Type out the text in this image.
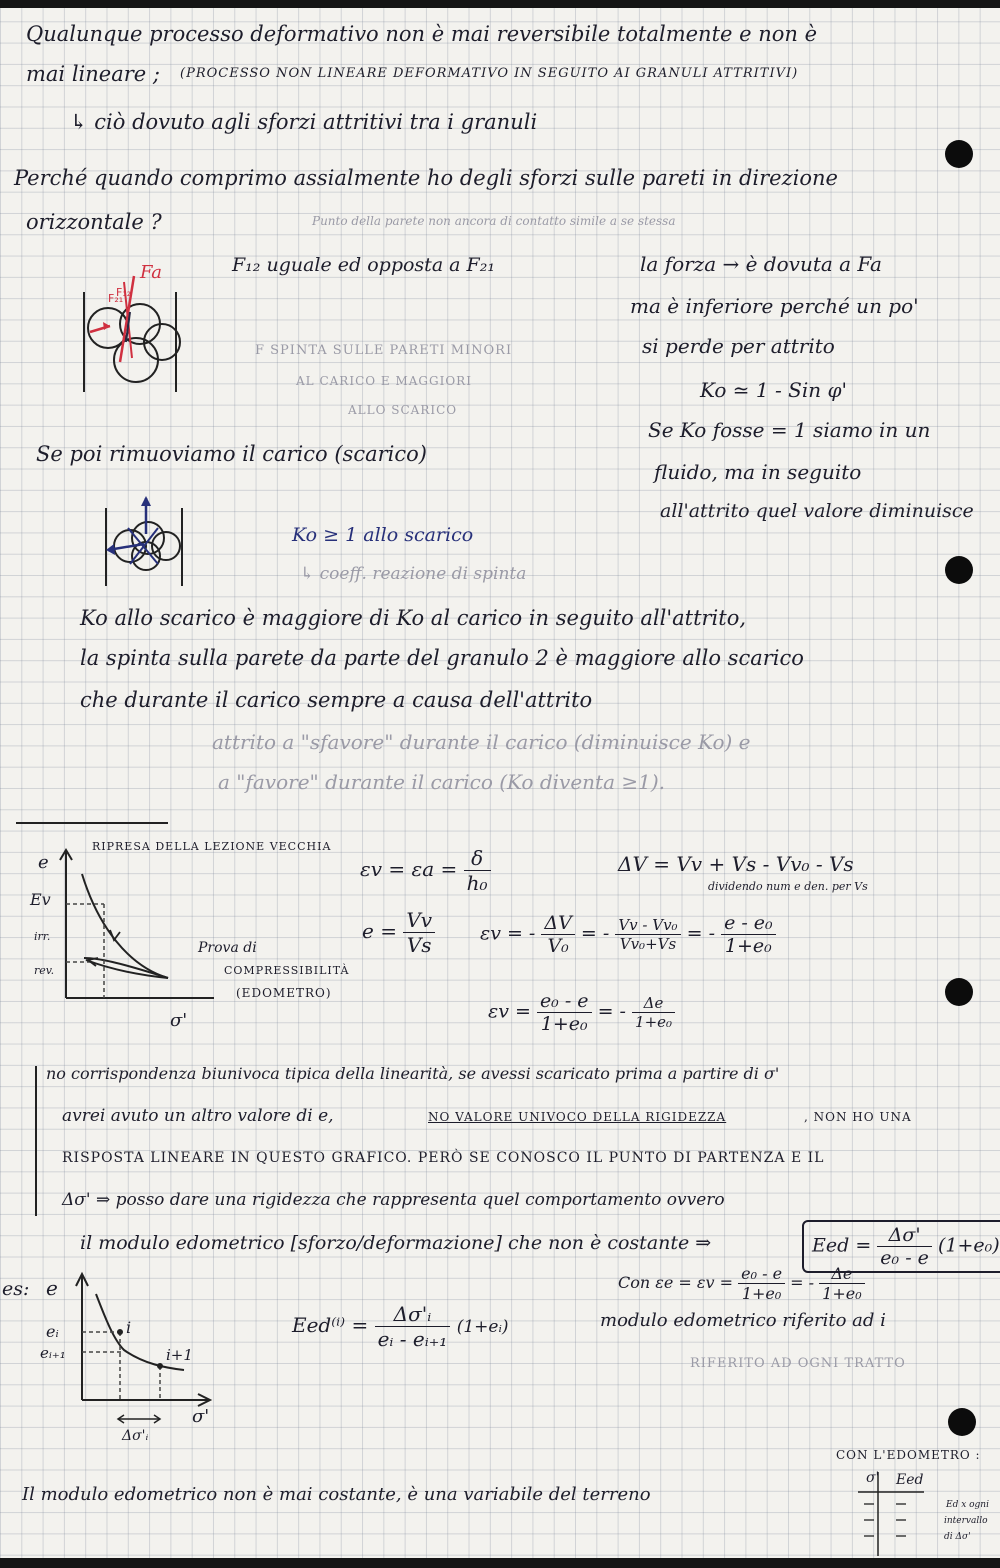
Qualunque processo deformativo non è mai reversibile totalmente e non è
mai lineare ; (PROCESSO NON LINEARE DEFORMATIVO IN SEGUITO AI GRANULI ATTRITIVI)
↳ ciò dovuto agli sforzi attritivi tra i granuli
Perché quando comprimo assialmente ho degli sforzi sulle pareti in direzione
orizzontale ?	Punto della parete non ancora di contatto simile a se stessa
F₁₂ uguale ed opposta a F₂₁
F₂₁
F₁₂
Fa
F SPINTA SULLE PARETI MINORI
AL CARICO E MAGGIORI
ALLO SCARICO
la forza → è dovuta a Fa
ma è inferiore perché un po'
si perde per attrito
Ko ≃ 1 - Sin φ'
Se Ko fosse = 1 siamo in un
fluido, ma in seguito
all'attrito quel valore diminuisce
Se poi rimuoviamo il carico (scarico)
Ko ≥ 1 allo scarico
↳ coeff. reazione di spinta
Ko allo scarico è maggiore di Ko al carico in seguito all'attrito,
la spinta sulla parete da parte del granulo 2 è maggiore allo scarico
che durante il carico sempre a causa dell'attrito
attrito a "sfavore" durante il carico (diminuisce Ko) e
a "favore" durante il carico (Ko diventa ≥1).
RIPRESA DELLA LEZIONE VECCHIA
e
Ev
irr.
rev.
σ'
Prova di
COMPRESSIBILITÀ
(EDOMETRO)
$\varepsilon v = \varepsilon a = \frac{\delta}{\text{h₀}}$
$e = \frac{Vv}{Vs}$
ΔV = Vv + Vs - Vv₀ - Vs
dividendo num e den. per Vs
εv = - $\frac{\Delta V}{\text{V₀}}$ = - $\frac{\text{Vv - Vv₀}}{\text{Vv₀+Vs}}$ = - $\frac{\text{e - e₀}}{\text{1+e₀}}$
$\varepsilon v = \frac{\text{e₀ - e}}{\text{1+e₀}}$ = - $\frac{\Delta e}{\text{1+e₀}}$
no corrispondenza biunivoca tipica della linearità, se avessi scaricato prima a partire di σ'
avrei avuto un altro valore di e,	NO VALORE UNIVOCO DELLA RIGIDEZZA	, NON HO UNA
RISPOSTA LINEARE IN QUESTO GRAFICO. PERÒ SE CONOSCO IL PUNTO DI PARTENZA E IL
Δσ' ⇒ posso dare una rigidezza che rappresenta quel comportamento ovvero
il modulo edometrico [sforzo/deformazione] che non è costante ⇒	Eed = $\frac{\Delta\sigma'}{\text{e₀ - e}} (1+e_0)$
Con $\varepsilon e = \varepsilon v = \frac{\text{e₀ - e}}{\text{1+e₀}}$ = - $\frac{\Delta e}{\text{1+e₀}}$
es: e
eᵢ
eᵢ₊₁
i
i+1
σ'
Δσ'ᵢ
$Eed^{(i)} = \frac{\text{Δσ'ᵢ}}{\text{eᵢ - eᵢ₊₁}}$ (1+eᵢ)	modulo edometrico riferito ad i
RIFERITO AD OGNI TRATTO
CON L'EDOMETRO :
σ' Eed
Ed x ogni
intervallo
di Δσ'
Il modulo edometrico non è mai costante, è una variabile del terreno
